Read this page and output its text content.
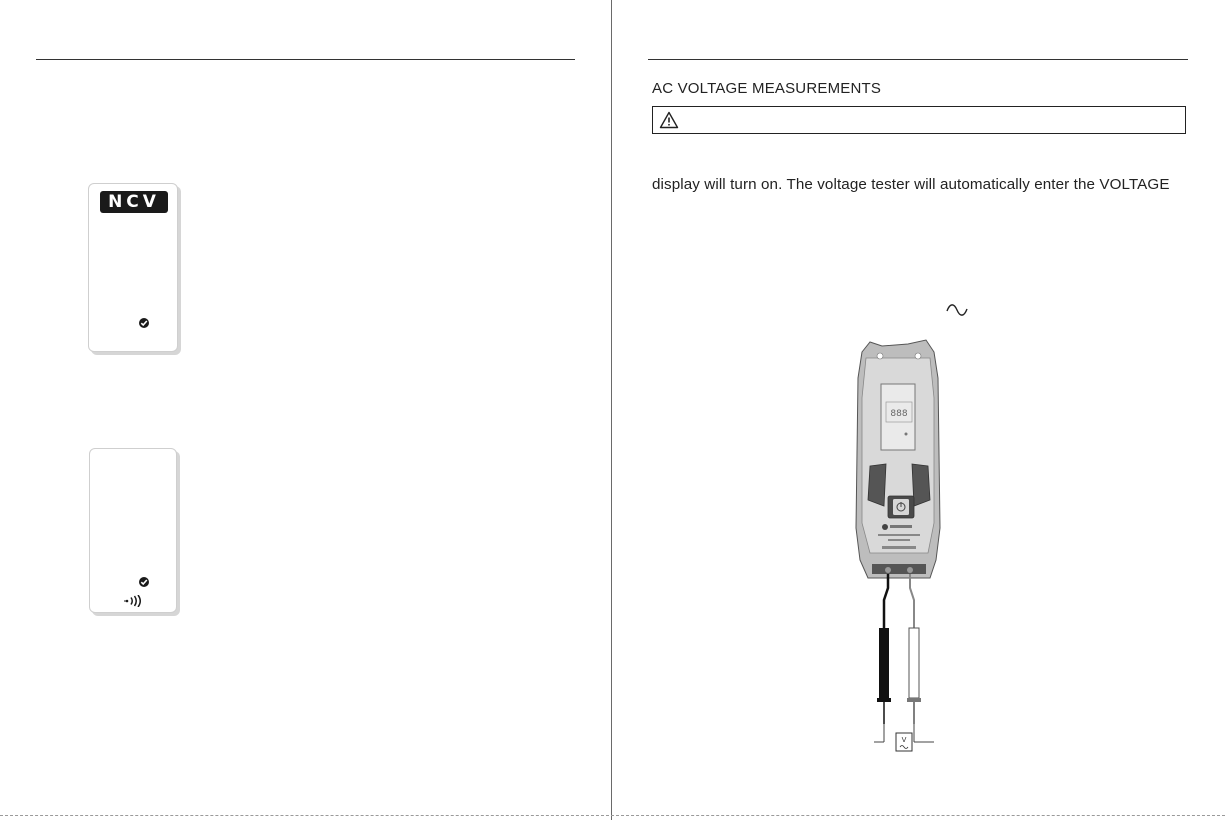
NCV
AC VOLTAGE MEASUREMENTS
display will turn on. The voltage tester will automatically enter the VOLTAGE
888
V
